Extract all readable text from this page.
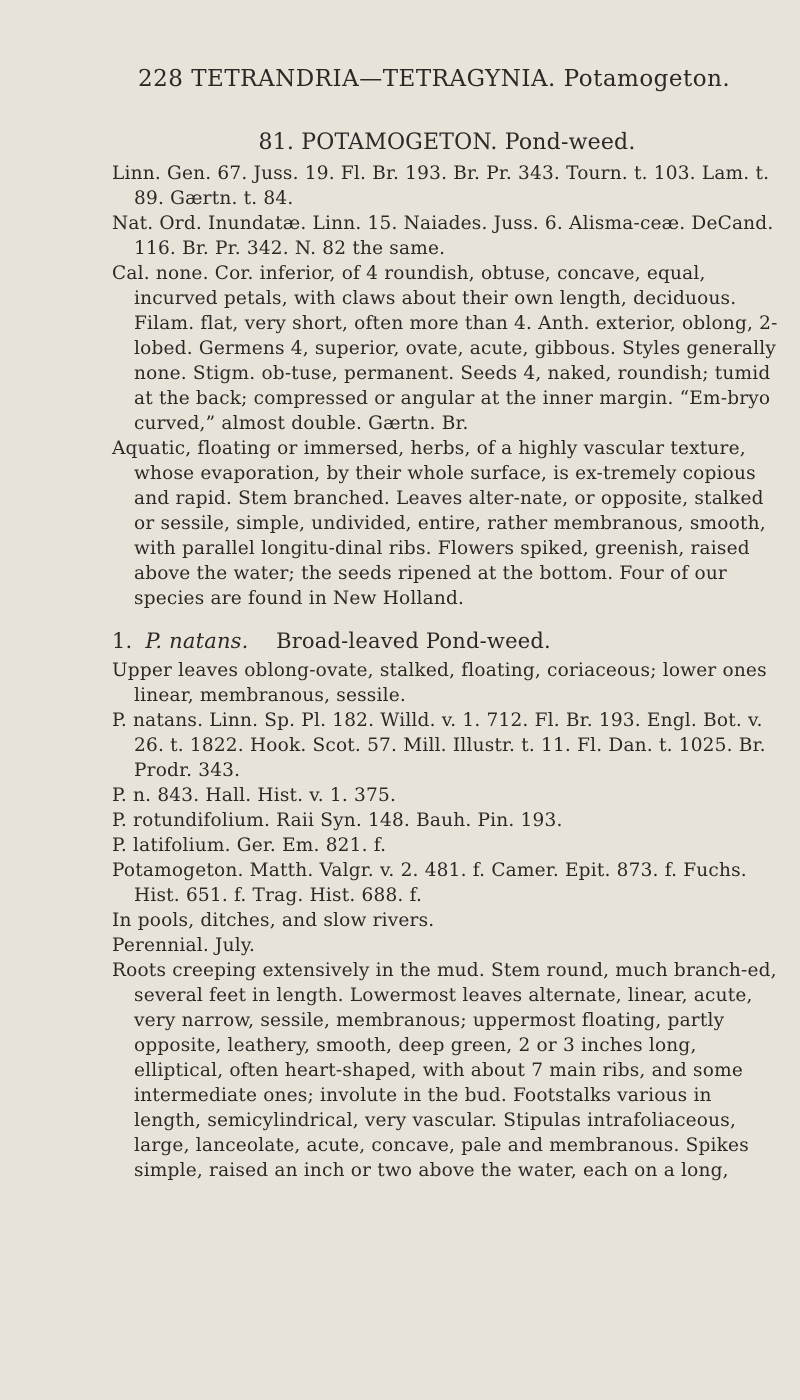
228 TETRANDRIA—TETRAGYNIA. Potamogeton.
81. POTAMOGETON. Pond-weed.

Linn. Gen. 67. Juss. 19. Fl. Br. 193. Br. Pr. 343. Tourn. t. 103. Lam. t. 89. Gærtn. t. 84.

Nat. Ord. Inundatæ. Linn. 15. Naiades. Juss. 6. Alisma-ceæ. DeCand. 116. Br. Pr. 342. N. 82 the same.

Cal. none. Cor. inferior, of 4 roundish, obtuse, concave, equal, incurved petals, with claws about their own length, deciduous. Filam. flat, very short, often more than 4. Anth. exterior, oblong, 2-lobed. Germens 4, superior, ovate, acute, gibbous. Styles generally none. Stigm. ob-tuse, permanent. Seeds 4, naked, roundish; tumid at the back; compressed or angular at the inner margin. “Em-bryo curved,” almost double. Gærtn. Br.

Aquatic, floating or immersed, herbs, of a highly vascular texture, whose evaporation, by their whole surface, is ex-tremely copious and rapid. Stem branched. Leaves alter-nate, or opposite, stalked or sessile, simple, undivided, entire, rather membranous, smooth, with parallel longitu-dinal ribs. Flowers spiked, greenish, raised above the water; the seeds ripened at the bottom. Four of our species are found in New Holland.

1. P. natans. Broad-leaved Pond-weed.

Upper leaves oblong-ovate, stalked, floating, coriaceous; lower ones linear, membranous, sessile.

P. natans. Linn. Sp. Pl. 182. Willd. v. 1. 712. Fl. Br. 193. Engl. Bot. v. 26. t. 1822. Hook. Scot. 57. Mill. Illustr. t. 11. Fl. Dan. t. 1025. Br. Prodr. 343.

P. n. 843. Hall. Hist. v. 1. 375.

P. rotundifolium. Raii Syn. 148. Bauh. Pin. 193.

P. latifolium. Ger. Em. 821. f.

Potamogeton. Matth. Valgr. v. 2. 481. f. Camer. Epit. 873. f. Fuchs. Hist. 651. f. Trag. Hist. 688. f.

In pools, ditches, and slow rivers.

Perennial. July.

Roots creeping extensively in the mud. Stem round, much branch-ed, several feet in length. Lowermost leaves alternate, linear, acute, very narrow, sessile, membranous; uppermost floating, partly opposite, leathery, smooth, deep green, 2 or 3 inches long, elliptical, often heart-shaped, with about 7 main ribs, and some intermediate ones; involute in the bud. Footstalks various in length, semicylindrical, very vascular. Stipulas intrafoliaceous, large, lanceolate, acute, concave, pale and membranous. Spikes simple, raised an inch or two above the water, each on a long,
